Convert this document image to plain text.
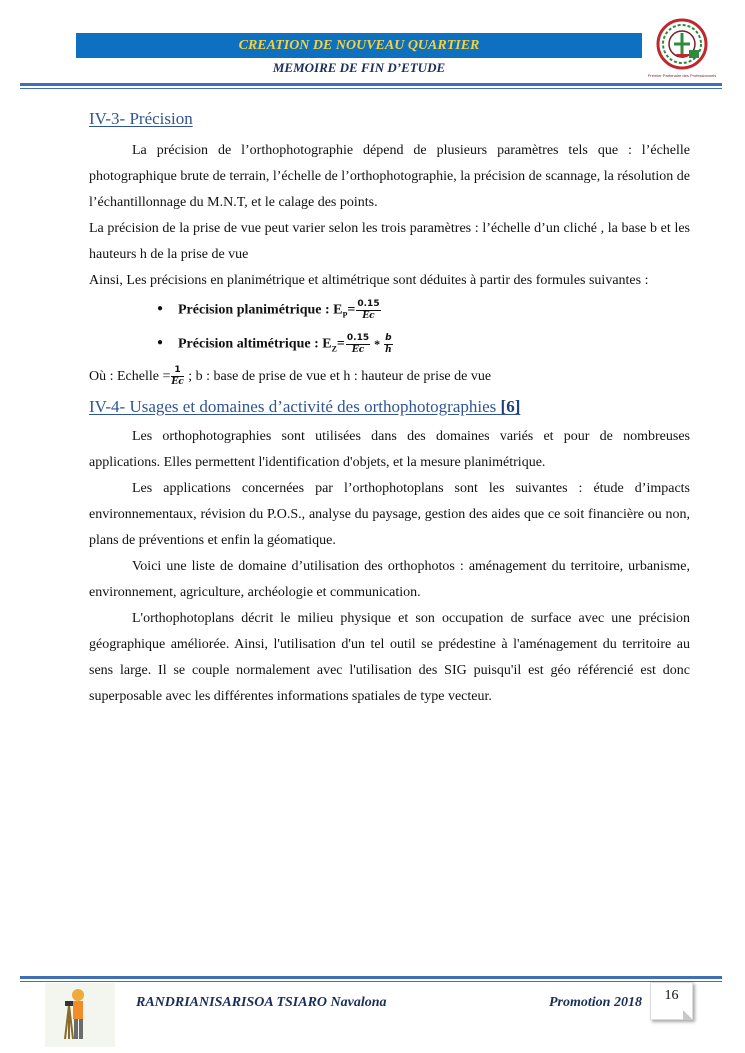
CREATION DE NOUVEAU QUARTIER
MEMOIRE DE FIN D’ETUDE
Premier Partenaire des Professionnels
IV-3- Précision

La précision de l’orthophotographie dépend de plusieurs paramètres tels que : l’échelle photographique brute de terrain, l’échelle de l’orthophotographie, la précision de scannage, la résolution de l’échantillonnage du M.N.T, et le calage des points.

La précision de la prise de vue peut varier selon les trois paramètres : l’échelle d’un cliché , la base b et les hauteurs h de la prise de vue

Ainsi, Les précisions en planimétrique et altimétrique sont déduites à partir des formules suivantes :

● Précision planimétrique : $E_P= \frac{0.15}{Ec}$
● Précision altimétrique : $E_Z= \frac{0.15}{Ec} * \frac{b}{h}$

Où : Echelle = $\frac{1}{Ec}$ ; b : base de prise de vue et h : hauteur de prise de vue

IV-4- Usages et domaines d’activité des orthophotographies [6]

Les orthophotographies sont utilisées dans des domaines variés et pour de nombreuses applications. Elles permettent l'identification d'objets, et la mesure planimétrique.

Les applications concernées par l’orthophotoplans sont les suivantes : étude d’impacts environnementaux, révision du P.O.S., analyse du paysage, gestion des aides que ce soit financière ou non, plans de préventions et enfin la géomatique.

Voici une liste de domaine d’utilisation des orthophotos : aménagement du territoire, urbanisme, environnement, agriculture, archéologie et communication.

L'orthophotoplans décrit le milieu physique et son occupation de surface avec une précision géographique améliorée. Ainsi, l'utilisation d'un tel outil se prédestine à l'aménagement du territoire au sens large. Il se couple normalement avec l'utilisation des SIG puisqu'il est géo référencié est donc superposable avec les différentes informations spatiales de type vecteur.

RANDRIANISARISOA TSIARO Navalona	Promotion 2018	16
